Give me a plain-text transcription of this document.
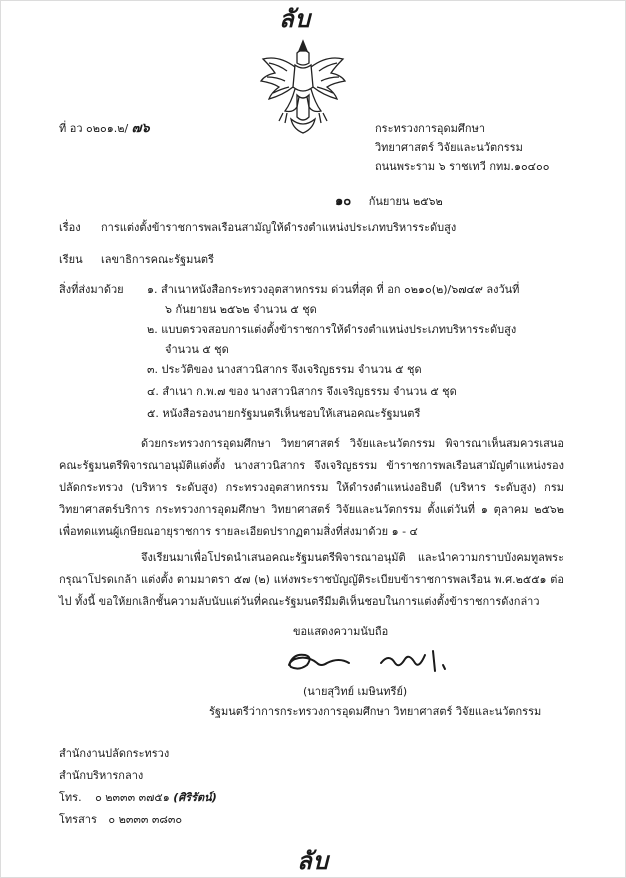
ลับ
ที่ อว ๐๒๐๑.๒/ ๗๖	กระทรวงการอุดมศึกษา
วิทยาศาสตร์ วิจัยและนวัตกรรม
ถนนพระราม ๖ ราชเทวี กทม.๑๐๔๐๐
๑๐ กันยายน ๒๕๖๒
เรื่อง การแต่งตั้งข้าราชการพลเรือนสามัญให้ดำรงตำแหน่งประเภทบริหารระดับสูง
เรียน เลขาธิการคณะรัฐมนตรี
สิ่งที่ส่งมาด้วย ๑. สำเนาหนังสือกระทรวงอุตสาหกรรม ด่วนที่สุด ที่ อก ๐๒๑๐(๒)/๖๗๔๙ ลงวันที่
๖ กันยายน ๒๕๖๒ จำนวน ๕ ชุด
๒. แบบตรวจสอบการแต่งตั้งข้าราชการให้ดำรงตำแหน่งประเภทบริหารระดับสูง
จำนวน ๕ ชุด
๓. ประวัติของ นางสาวนิสากร จึงเจริญธรรม จำนวน ๕ ชุด
๔. สำเนา ก.พ.๗ ของ นางสาวนิสากร จึงเจริญธรรม จำนวน ๕ ชุด
๕. หนังสือรองนายกรัฐมนตรีเห็นชอบให้เสนอคณะรัฐมนตรี
ด้วยกระทรวงการอุดมศึกษา วิทยาศาสตร์ วิจัยและนวัตกรรม พิจารณาเห็นสมควรเสนอคณะรัฐมนตรีพิจารณาอนุมัติแต่งตั้ง นางสาวนิสากร จึงเจริญธรรม ข้าราชการพลเรือนสามัญตำแหน่งรองปลัดกระทรวง (บริหาร ระดับสูง) กระทรวงอุตสาหกรรม ให้ดำรงตำแหน่งอธิบดี (บริหาร ระดับสูง) กรมวิทยาศาสตร์บริการ กระทรวงการอุดมศึกษา วิทยาศาสตร์ วิจัยและนวัตกรรม ตั้งแต่วันที่ ๑ ตุลาคม ๒๕๖๒ เพื่อทดแทนผู้เกษียณอายุราชการ รายละเอียดปรากฏตามสิ่งที่ส่งมาด้วย ๑ - ๔
จึงเรียนมาเพื่อโปรดนำเสนอคณะรัฐมนตรีพิจารณาอนุมัติ และนำความกราบบังคมทูลพระกรุณาโปรดเกล้า แต่งตั้ง ตามมาตรา ๕๗ (๒) แห่งพระราชบัญญัติระเบียบข้าราชการพลเรือน พ.ศ.๒๕๕๑ ต่อไป ทั้งนี้ ขอให้ยกเลิกชั้นความลับนับแต่วันที่คณะรัฐมนตรีมีมติเห็นชอบในการแต่งตั้งข้าราชการดังกล่าว
ขอแสดงความนับถือ
(นายสุวิทย์ เมษินทรีย์)
รัฐมนตรีว่าการกระทรวงการอุดมศึกษา วิทยาศาสตร์ วิจัยและนวัตกรรม
สำนักงานปลัดกระทรวง
สำนักบริหารกลาง
โทร. ๐ ๒๓๓๓ ๓๗๕๑ (ศิริรัตน์)
โทรสาร ๐ ๒๓๓๓ ๓๘๓๐
ลับ
